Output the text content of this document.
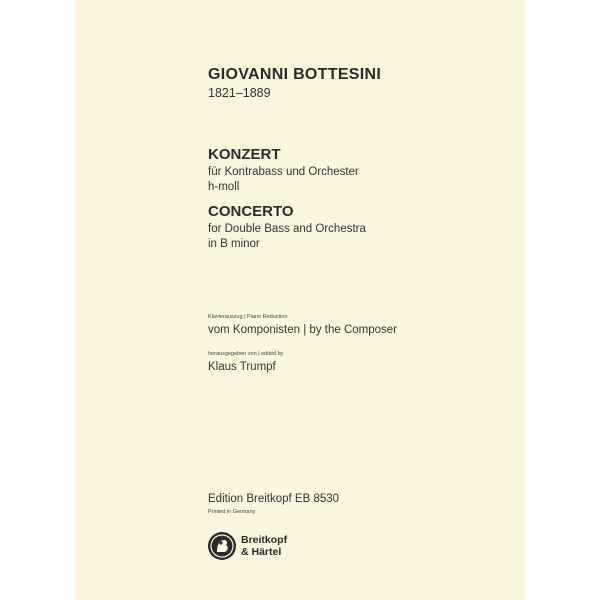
GIOVANNI BOTTESINI
1821–1889
KONZERT
für Kontrabass und Orchester
h-moll
CONCERTO
for Double Bass and Orchestra
in B minor
Klavierauszug | Piano Reduction
vom Komponisten | by the Composer
herausgegeben von | edited by
Klaus Trumpf
Edition Breitkopf EB 8530
Printed in Germany
Breitkopf
& Härtel
